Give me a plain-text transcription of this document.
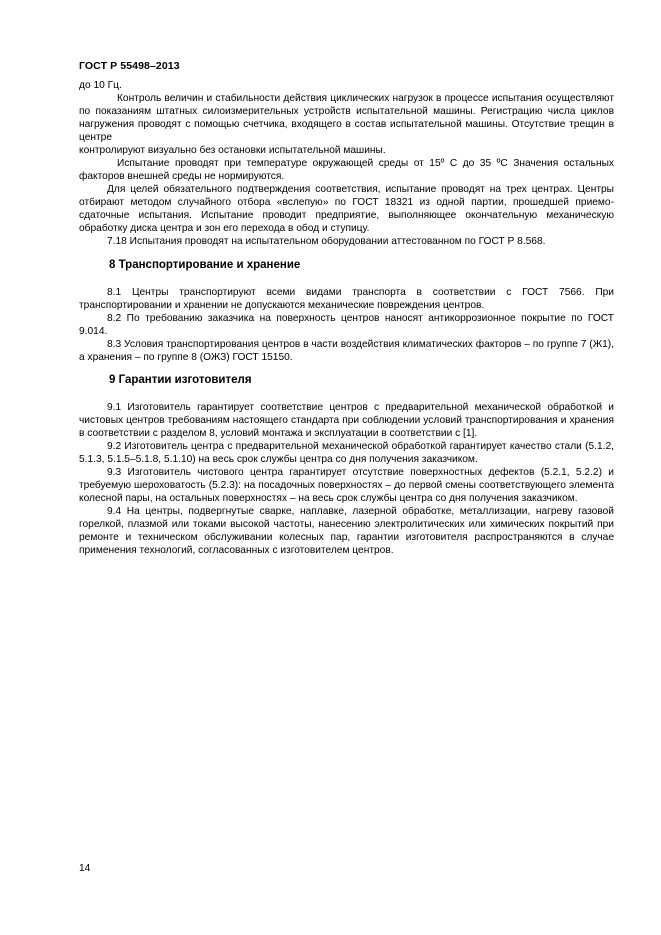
ГОСТ Р 55498–2013

до 10 Гц.

Контроль величин и стабильности действия циклических нагрузок в процессе испытания осуществляют по показаниям штатных силоизмерительных устройств испытательной машины. Регистрацию числа циклов нагружения проводят с помощью счетчика, входящего в состав испытательной машины. Отсутствие трещин в центре

контролируют визуально без остановки испытательной машины.

Испытание проводят при температуре окружающей среды от 15º С до 35 ºС Значения остальных факторов внешней среды не нормируются.

Для целей обязательного подтверждения соответствия, испытание проводят на трех центрах. Центры отбирают методом случайного отбора «вслепую» по ГОСТ 18321 из одной партии, прошедшей приемо-сдаточные испытания. Испытание проводит предприятие, выполняющее окончательную механическую обработку диска центра и зон его перехода в обод и ступицу.

7.18 Испытания проводят на испытательном оборудовании аттестованном по ГОСТ Р 8.568.

8 Транспортирование и хранение

8.1 Центры транспортируют всеми видами транспорта в соответствии с ГОСТ 7566. При транспортировании и хранении не допускаются механические повреждения центров.

8.2 По требованию заказчика на поверхность центров наносят антикоррозионное покрытие по ГОСТ 9.014.

8.3 Условия транспортирования центров в части воздействия климатических факторов – по группе 7 (Ж1), а хранения – по группе 8 (ОЖЗ) ГОСТ 15150.

9 Гарантии изготовителя

9.1 Изготовитель гарантирует соответствие центров с предварительной механической обработкой и чистовых центров требованиям настоящего стандарта при соблюдении условий транспортирования и хранения в соответствии с разделом 8, условий монтажа и эксплуатации в соответствии с [1].

9.2 Изготовитель центра с предварительной механической обработкой гарантирует качество стали (5.1.2, 5.1.3, 5.1.5–5.1.8, 5.1.10) на весь срок службы центра со дня получения заказчиком.

9.3 Изготовитель чистового центра гарантирует отсутствие поверхностных дефектов (5.2.1, 5.2.2) и требуемую шероховатость (5.2.3): на посадочных поверхностях – до первой смены соответствующего элемента колесной пары, на остальных поверхностях – на весь срок службы центра со дня получения заказчиком.

9.4 На центры, подвергнутые сварке, наплавке, лазерной обработке, металлизации, нагреву газовой горелкой, плазмой или токами высокой частоты, нанесению электролитических или химических покрытий при ремонте и техническом обслуживании колесных пар, гарантии изготовителя распространяются в случае применения технологий, согласованных с изготовителем центров.

14
